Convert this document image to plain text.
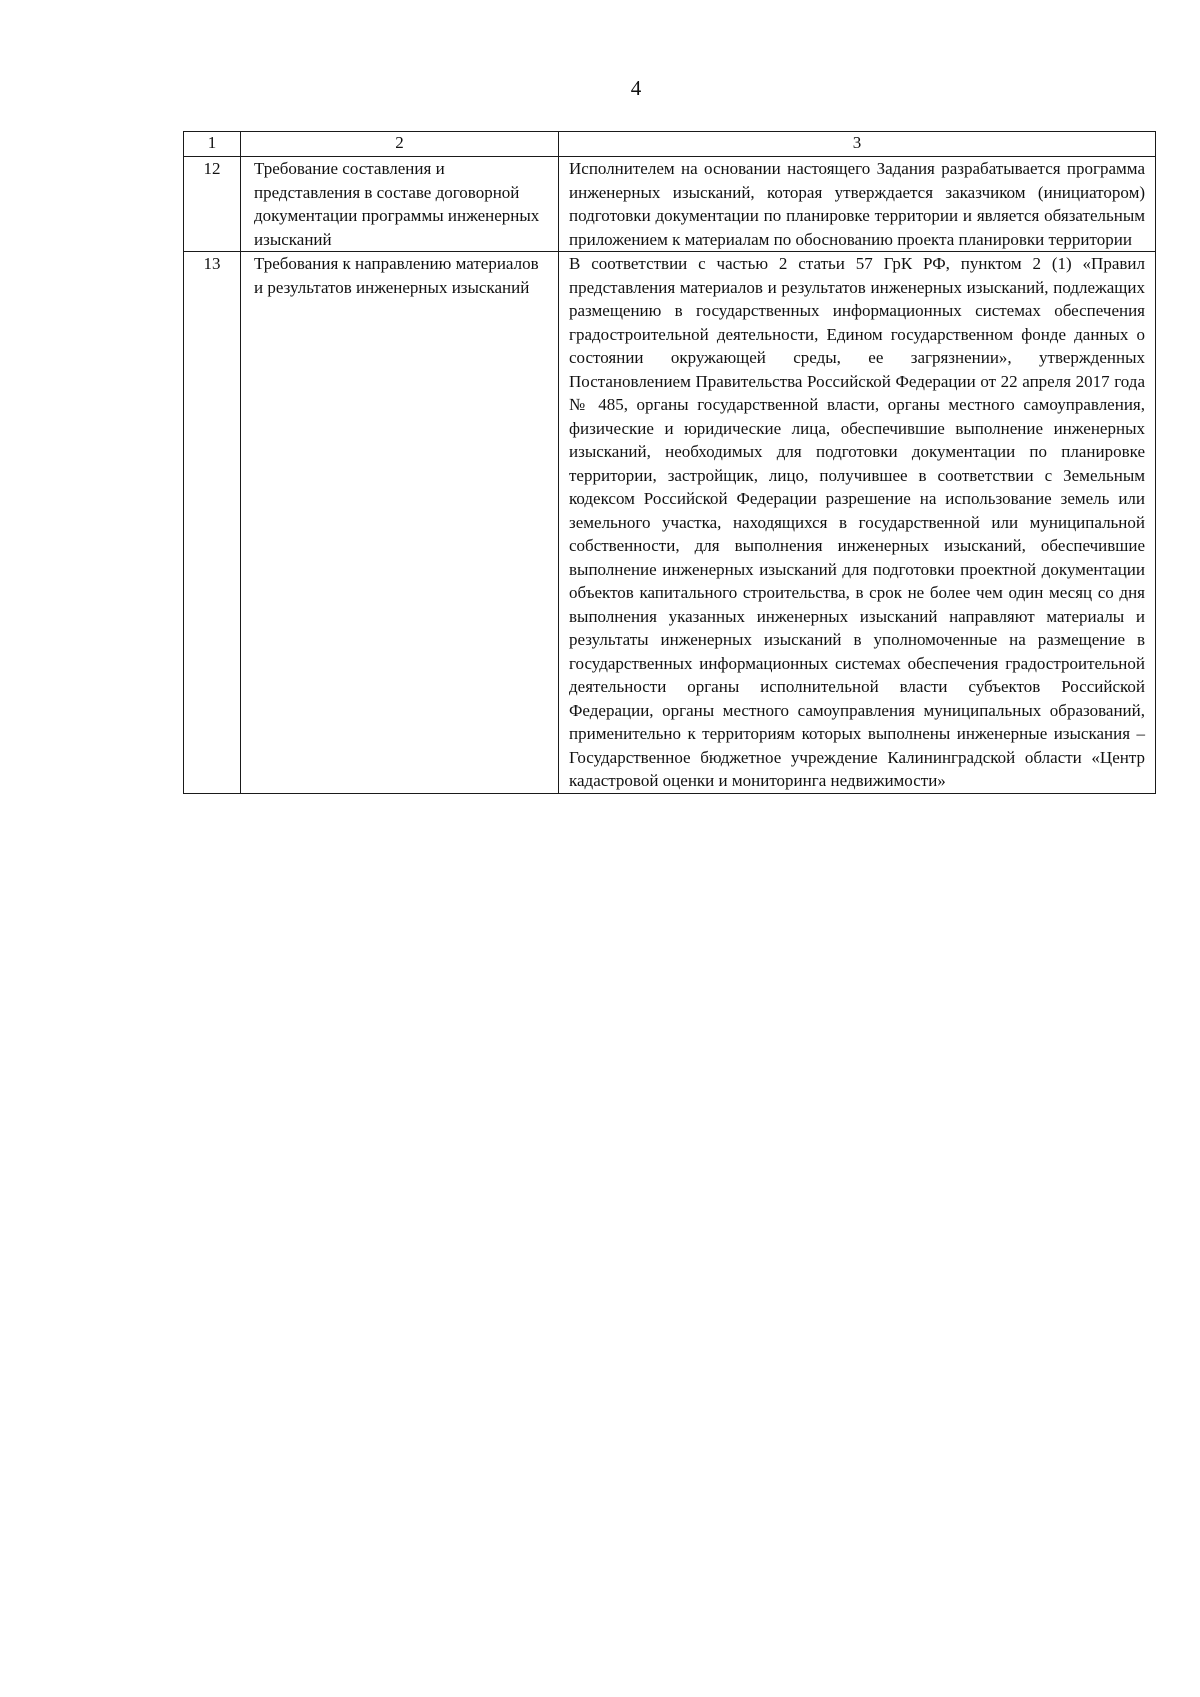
4
1	2	3
12	Требование составления и представления в составе договорной документации программы инженерных изысканий	Исполнителем на основании настоящего Задания разрабатывается программа инженерных изысканий, которая утверждается заказчиком (инициатором) подготовки документации по планировке территории и является обязательным приложением к материалам по обоснованию проекта планировки территории
13	Требования к направлению материалов и результатов инженерных изысканий	В соответствии с частью 2 статьи 57 ГрК РФ, пунктом 2 (1) «Правил представления материалов и результатов инженерных изысканий, подлежащих размещению в государственных информационных системах обеспечения градостроительной деятельности, Едином государственном фонде данных о состоянии окружающей среды, ее загрязнении», утвержденных Постановлением Правительства Российской Федерации от 22 апреля 2017 года № 485, органы государственной власти, органы местного самоуправления, физические и юридические лица, обеспечившие выполнение инженерных изысканий, необходимых для подготовки документации по планировке территории, застройщик, лицо, получившее в соответствии с Земельным кодексом Российской Федерации разрешение на использование земель или земельного участка, находящихся в государственной или муниципальной собственности, для выполнения инженерных изысканий, обеспечившие выполнение инженерных изысканий для подготовки проектной документации объектов капитального строительства, в срок не более чем один месяц со дня выполнения указанных инженерных изысканий направляют материалы и результаты инженерных изысканий в уполномоченные на размещение в государственных информационных системах обеспечения градостроительной деятельности органы исполнительной власти субъектов Российской Федерации, органы местного самоуправления муниципальных образований, применительно к территориям которых выполнены инженерные изыскания – Государственное бюджетное учреждение Калининградской области «Центр кадастровой оценки и мониторинга недвижимости»
